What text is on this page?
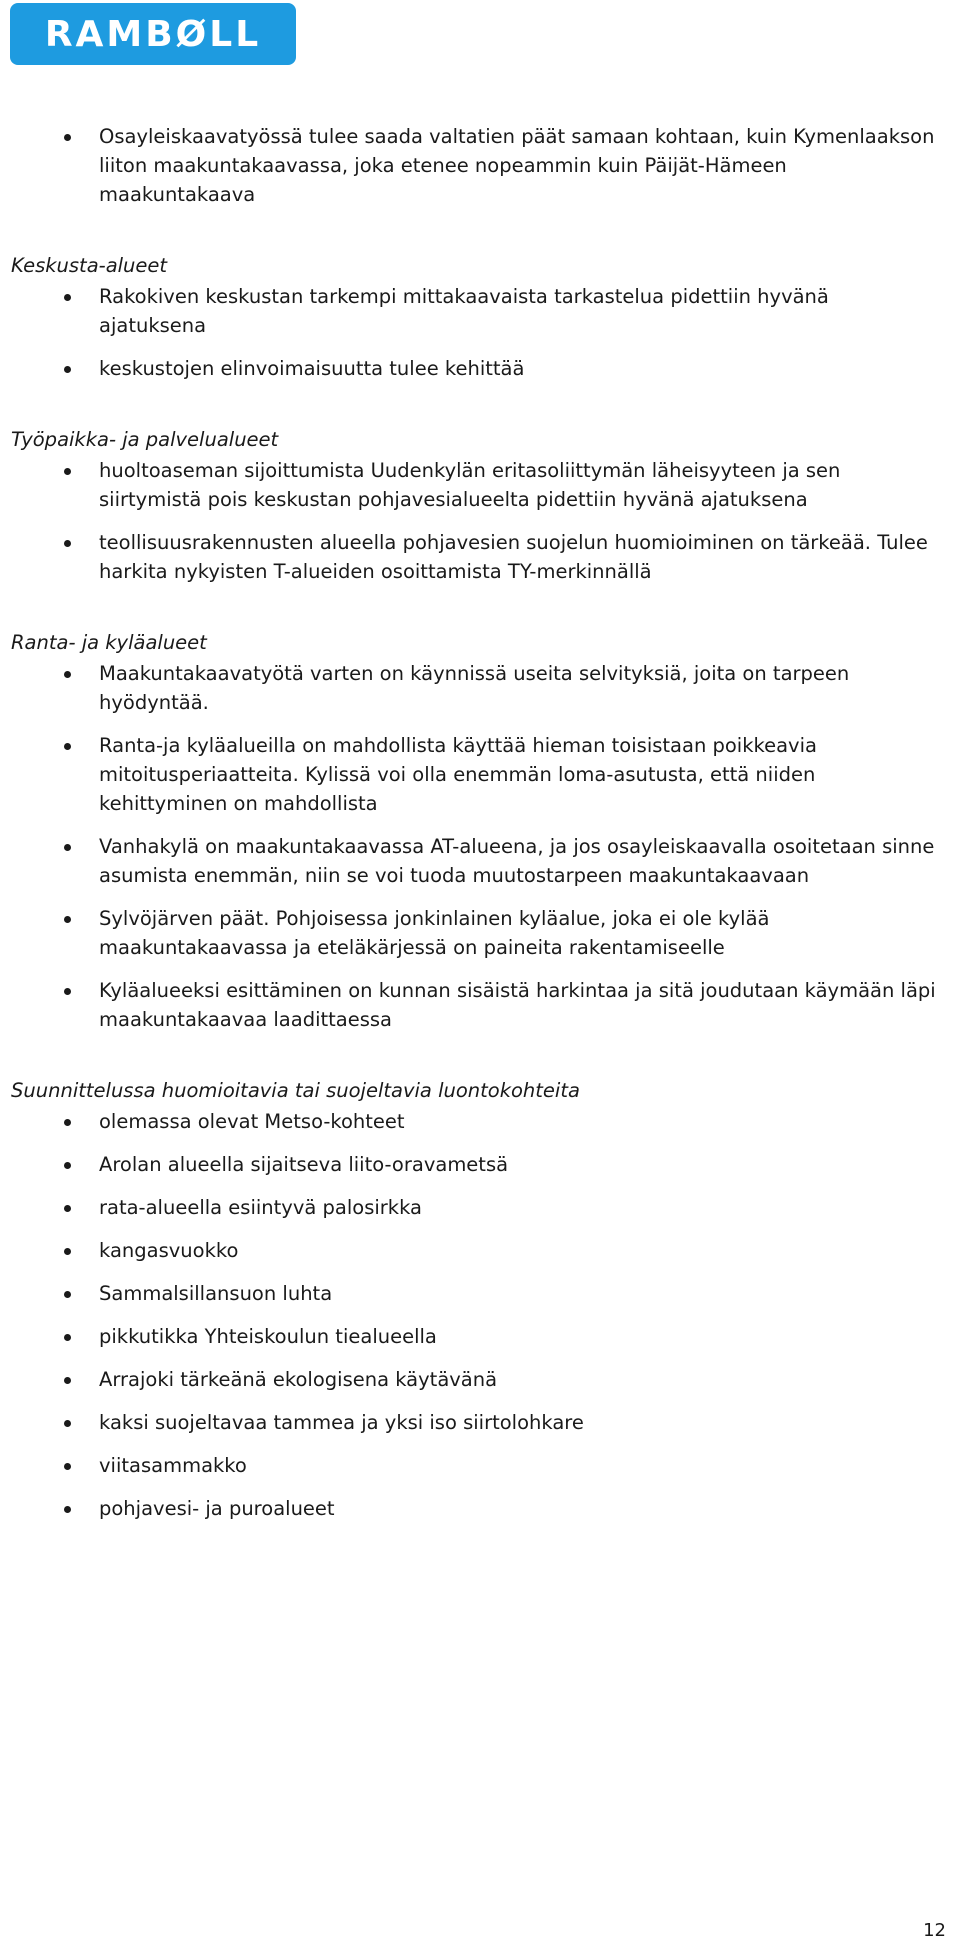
RAMBØLL
Osayleiskaavatyössä tulee saada valtatien päät samaan kohtaan, kuin Kymenlaakson liiton maakuntakaavassa, joka etenee nopeammin kuin Päijät-Hämeen maakuntakaava
Keskusta-alueet
Rakokiven keskustan tarkempi mittakaavaista tarkastelua pidettiin hyvänä ajatuksena
keskustojen elinvoimaisuutta tulee kehittää
Työpaikka- ja palvelualueet
huoltoaseman sijoittumista Uudenkylän eritasoliittymän läheisyyteen ja sen siirtymistä pois keskustan pohjavesialueelta pidettiin hyvänä ajatuksena
teollisuusrakennusten alueella pohjavesien suojelun huomioiminen on tärkeää. Tulee harkita nykyisten T-alueiden osoittamista TY-merkinnällä
Ranta- ja kyläalueet
Maakuntakaavatyötä varten on käynnissä useita selvityksiä, joita on tarpeen hyödyntää.
Ranta-ja kyläalueilla on mahdollista käyttää hieman toisistaan poikkeavia mitoitusperiaatteita. Kylissä voi olla enemmän loma-asutusta, että niiden kehittyminen on mahdollista
Vanhakylä on maakuntakaavassa AT-alueena, ja jos osayleiskaavalla osoitetaan sinne asumista enemmän, niin se voi tuoda muutostarpeen maakuntakaavaan
Sylvöjärven päät. Pohjoisessa jonkinlainen kyläalue, joka ei ole kylää maakuntakaavassa ja eteläkärjessä on paineita rakentamiseelle
Kyläalueeksi esittäminen on kunnan sisäistä harkintaa ja sitä joudutaan käymään läpi maakuntakaavaa laadittaessa
Suunnittelussa huomioitavia tai suojeltavia luontokohteita
olemassa olevat Metso-kohteet
Arolan alueella sijaitseva liito-oravametsä
rata-alueella esiintyvä palosirkka
kangasvuokko
Sammalsillansuon luhta
pikkutikka Yhteiskoulun tiealueella
Arrajoki tärkeänä ekologisena käytävänä
kaksi suojeltavaa tammea ja yksi iso siirtolohkare
viitasammakko
pohjavesi- ja puroalueet
12
